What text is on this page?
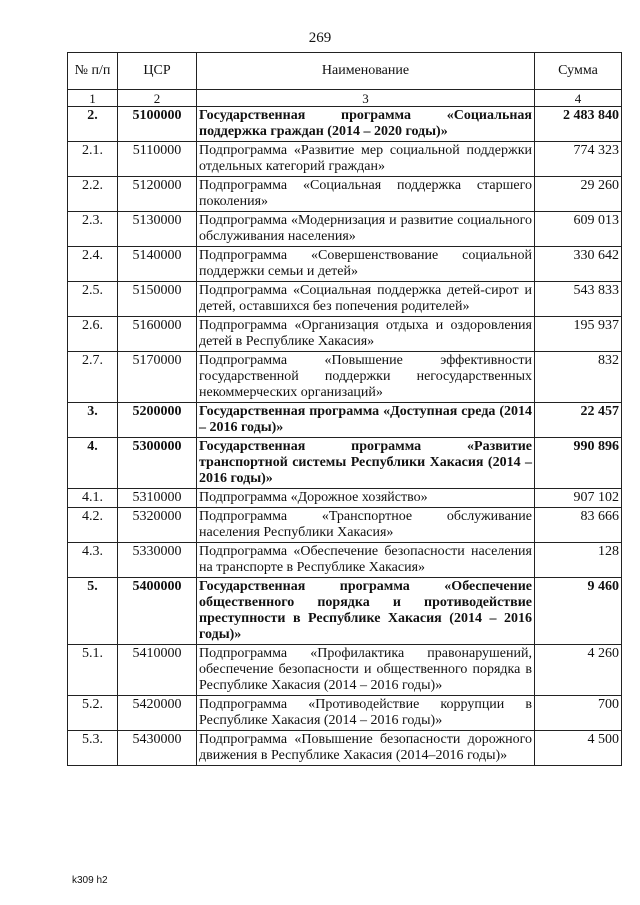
269
№ п/п	ЦСР	Наименование	Сумма
1	2	3	4
2.	5100000	Государственная программа «Социальная поддержка граждан (2014 – 2020 годы)»	2 483 840
2.1.	5110000	Подпрограмма «Развитие мер социальной поддержки отдельных категорий граждан»	774 323
2.2.	5120000	Подпрограмма «Социальная поддержка старшего поколения»	29 260
2.3.	5130000	Подпрограмма «Модернизация и развитие социального обслуживания населения»	609 013
2.4.	5140000	Подпрограмма «Совершенствование социальной поддержки семьи и детей»	330 642
2.5.	5150000	Подпрограмма «Социальная поддержка детей-сирот и детей, оставшихся без попечения родителей»	543 833
2.6.	5160000	Подпрограмма «Организация отдыха и оздоровления детей в Республике Хакасия»	195 937
2.7.	5170000	Подпрограмма «Повышение эффективности государственной поддержки негосударственных некоммерческих организаций»	832
3.	5200000	Государственная программа «Доступная среда (2014 – 2016 годы)»	22 457
4.	5300000	Государственная программа «Развитие транспортной системы Республики Хакасия (2014 – 2016 годы)»	990 896
4.1.	5310000	Подпрограмма «Дорожное хозяйство»	907 102
4.2.	5320000	Подпрограмма «Транспортное обслуживание населения Республики Хакасия»	83 666
4.3.	5330000	Подпрограмма «Обеспечение безопасности населения на транспорте в Республике Хакасия»	128
5.	5400000	Государственная программа «Обеспечение общественного порядка и противодействие преступности в Республике Хакасия (2014 – 2016 годы)»	9 460
5.1.	5410000	Подпрограмма «Профилактика правонарушений, обеспечение безопасности и общественного порядка в Республике Хакасия (2014 – 2016 годы)»	4 260
5.2.	5420000	Подпрограмма «Противодействие коррупции в Республике Хакасия (2014 – 2016 годы)»	700
5.3.	5430000	Подпрограмма «Повышение безопасности дорожного движения в Республике Хакасия (2014–2016 годы)»	4 500
k309 h2
